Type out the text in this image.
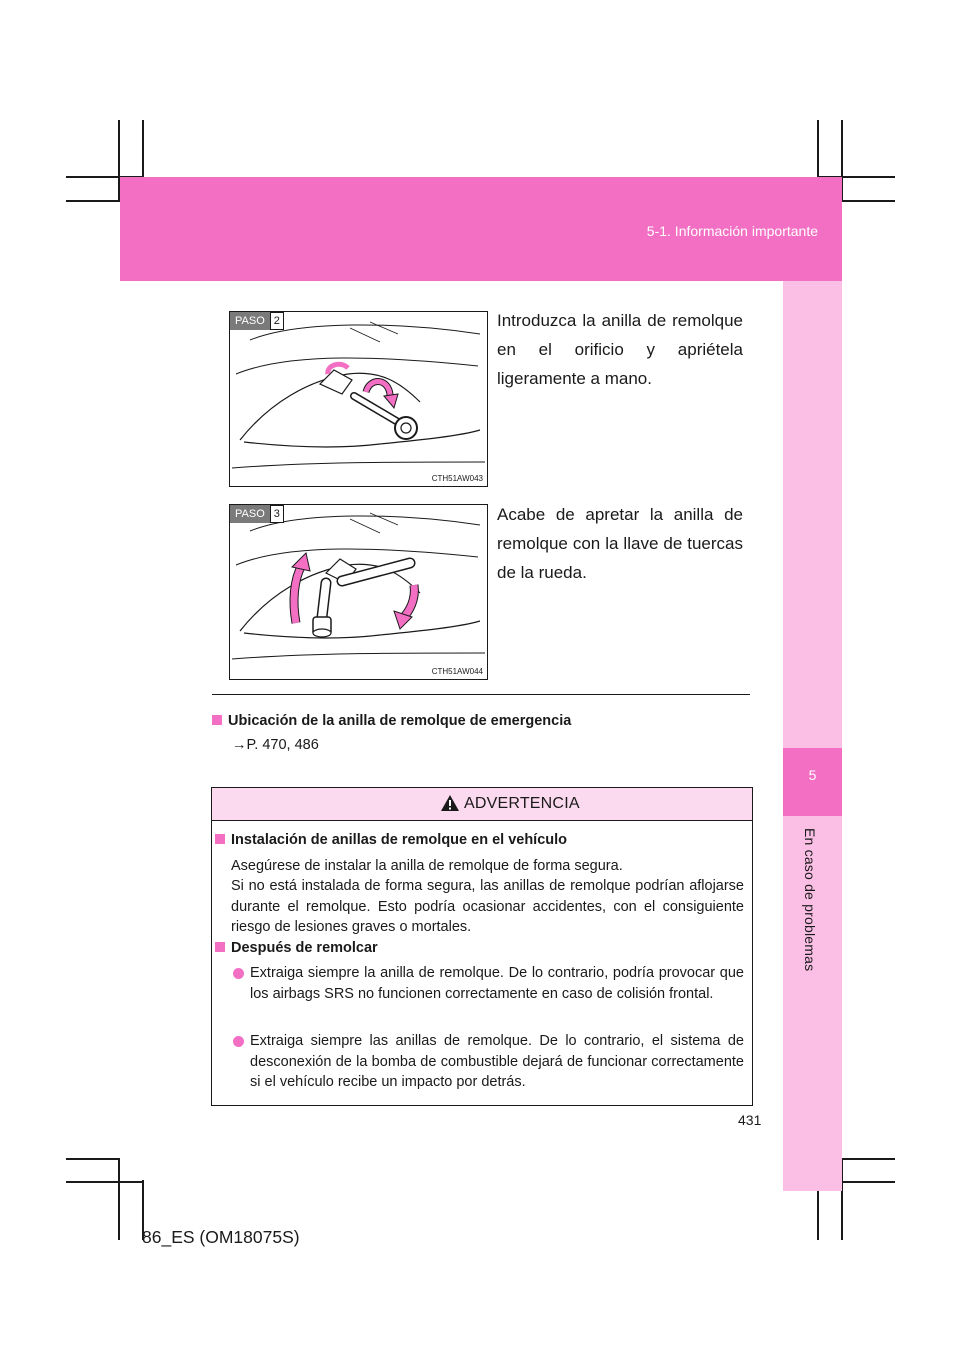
5-1. Información importante
5
En caso de problemas
PASO 2
CTH51AW043
Introduzca la anilla de remolque en el orificio y apriétela ligeramente a mano.
PASO 3
CTH51AW044
Acabe de apretar la anilla de remolque con la llave de tuercas de la rueda.
Ubicación de la anilla de remolque de emergencia
→P. 470, 486
ADVERTENCIA
Instalación de anillas de remolque en el vehículo
Asegúrese de instalar la anilla de remolque de forma segura.
Si no está instalada de forma segura, las anillas de remolque podrían aflojarse durante el remolque. Esto podría ocasionar accidentes, con el consiguiente riesgo de lesiones graves o mortales.
Después de remolcar
Extraiga siempre la anilla de remolque. De lo contrario, podría provocar que los airbags SRS no funcionen correctamente en caso de colisión frontal.
Extraiga siempre las anillas de remolque. De lo contrario, el sistema de desconexión de la bomba de combustible dejará de funcionar correctamente si el vehículo recibe un impacto por detrás.
431
86_ES (OM18075S)
